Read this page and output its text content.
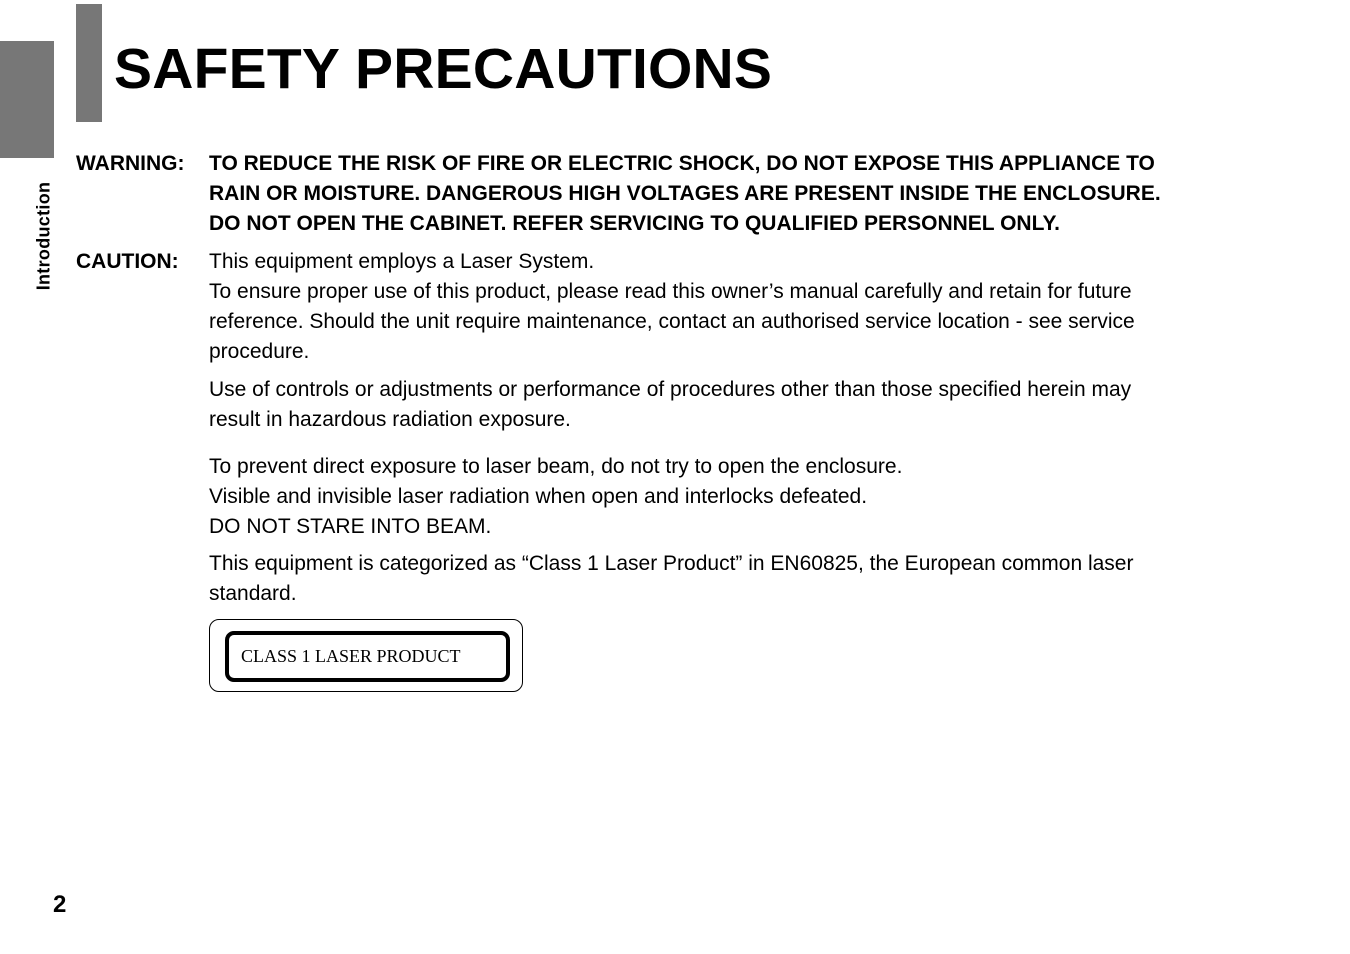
Introduction
SAFETY PRECAUTIONS
WARNING: TO REDUCE THE RISK OF FIRE OR ELECTRIC SHOCK, DO NOT EXPOSE THIS APPLIANCE TO
RAIN OR MOISTURE. DANGEROUS HIGH VOLTAGES ARE PRESENT INSIDE THE ENCLOSURE.
DO NOT OPEN THE CABINET. REFER SERVICING TO QUALIFIED PERSONNEL ONLY.
CAUTION: This equipment employs a Laser System.
To ensure proper use of this product, please read this owner’s manual carefully and retain for future
reference. Should the unit require maintenance, contact an authorised service location - see service
procedure.
Use of controls or adjustments or performance of procedures other than those specified herein may
result in hazardous radiation exposure.
To prevent direct exposure to laser beam, do not try to open the enclosure.
Visible and invisible laser radiation when open and interlocks defeated.
DO NOT STARE INTO BEAM.
This equipment is categorized as “Class 1 Laser Product” in EN60825, the European common laser
standard.
CLASS 1 LASER PRODUCT
2
